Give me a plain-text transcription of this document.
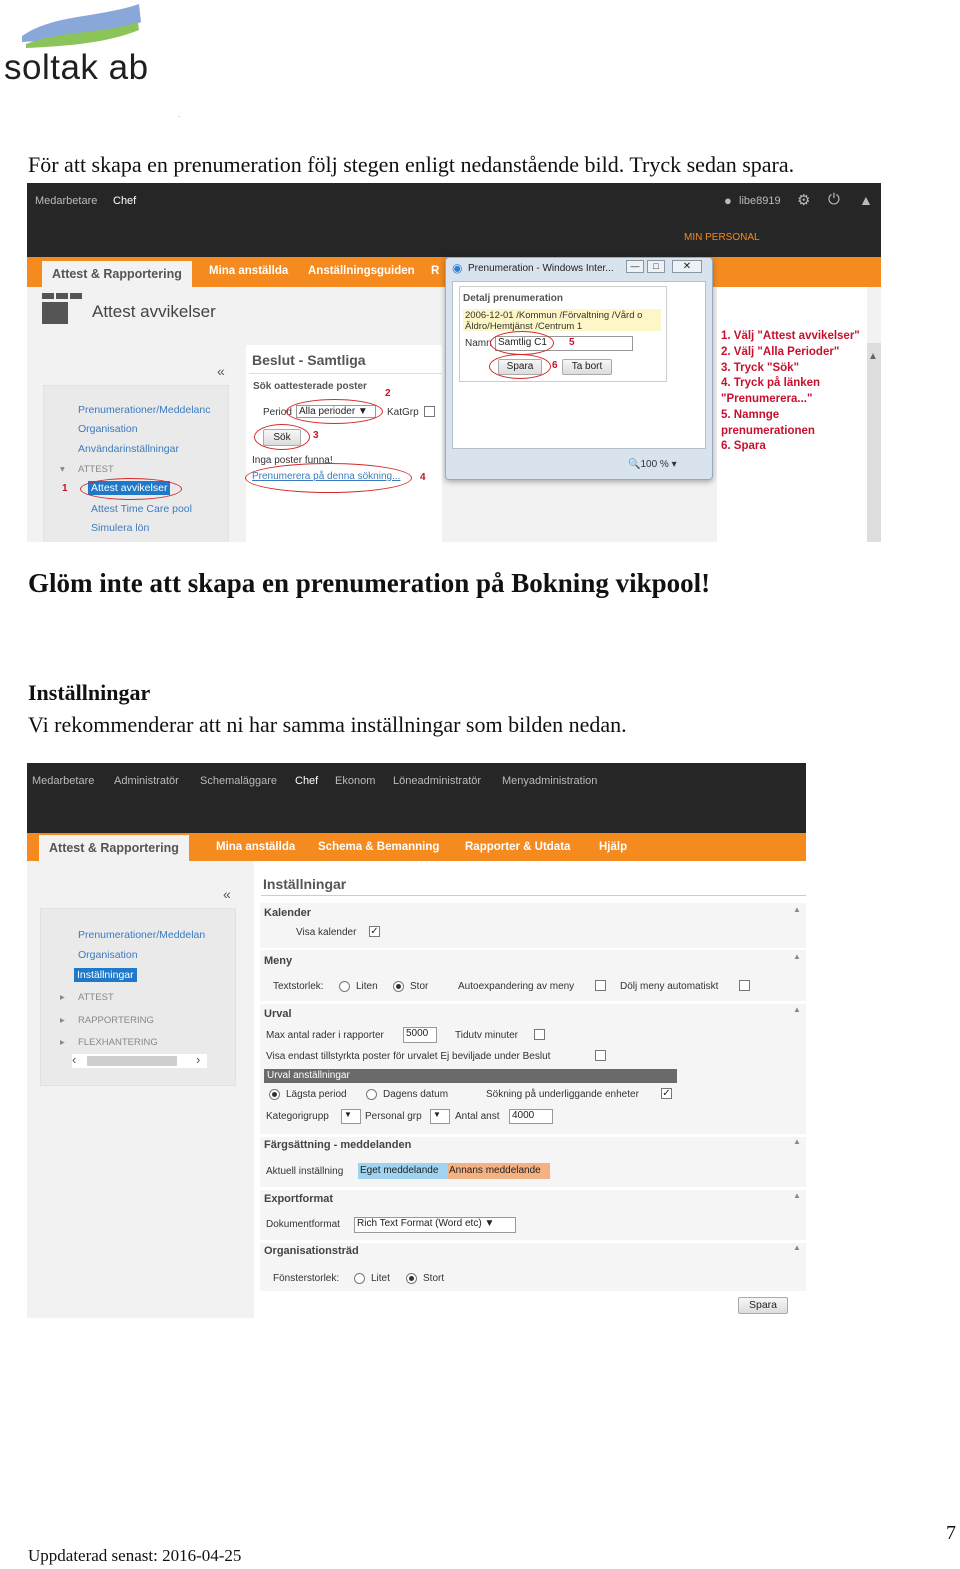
soltak ab
.
För att skapa en prenumeration följ stegen enligt nedanstående bild. Tryck sedan spara.
Medarbetare Chef	● libe8919 ⚙ ⏻ ▲
MIN PERSONAL
Attest & Rapportering	Mina anställda Anställningsguiden R
Attest avvikelser
«
Prenumerationer/Meddelanc
Organisation
Användarinställningar
▾ ATTEST
1 Attest avvikelser
Attest Time Care pool
Simulera lön
Beslut - Samtliga
Sök oattesterade poster
2
Period Alla perioder ▼	KatGrp
Sök	3
Inga poster funna!
Prenumerera på denna sökning... 4
◉ Prenumeration - Windows Inter...	—	□	✕
Detalj prenumeration
2006-12-01 /Kommun /Förvaltning /Vård o Äldro/Hemtjänst /Centrum 1
Namn Samtlig C1	5
Spara	6	Ta bort
🔍100 % ▾
1. Välj "Attest avvikelser"
2. Välj "Alla Perioder"
3. Tryck "Sök"
4. Tryck på länken
"Prenumerera..."
5. Namnge
prenumerationen
6. Spara
▲
Glöm inte att skapa en prenumeration på Bokning vikpool!
Inställningar
Vi rekommenderar att ni har samma inställningar som bilden nedan.
Medarbetare Administratör Schemaläggare Chef Ekonom Löneadministratör Menyadministration
Attest & Rapportering	Mina anställda Schema & Bemanning Rapporter & Utdata Hjälp
«
Prenumerationer/Meddelan
Organisation
Inställningar
▸ ATTEST
▸ RAPPORTERING
▸ FLEXHANTERING
‹	›
Inställningar
Kalender	▲
Visa kalender ✓
Meny	▲
Textstorlek:	Liten	Stor	Autoexpandering av meny	Dölj meny automatiskt
Urval	▲
Max antal rader i rapporter	5000	Tidutv minuter
Visa endast tillstyrkta poster för urvalet Ej beviljade under Beslut
Urval anställningar
Lägsta period	Dagens datum	Sökning på underliggande enheter ✓
Kategorigrupp	▼	Personal grp	▼	Antal anst	4000
Färgsättning - meddelanden	▲
Aktuell inställning Eget meddelande	Annans meddelande
Exportformat	▲
Dokumentformat	Rich Text Format (Word etc) ▼
Organisationsträd	▲
Fönsterstorlek:	Litet	Stort
Spara
7
Uppdaterad senast: 2016-04-25
